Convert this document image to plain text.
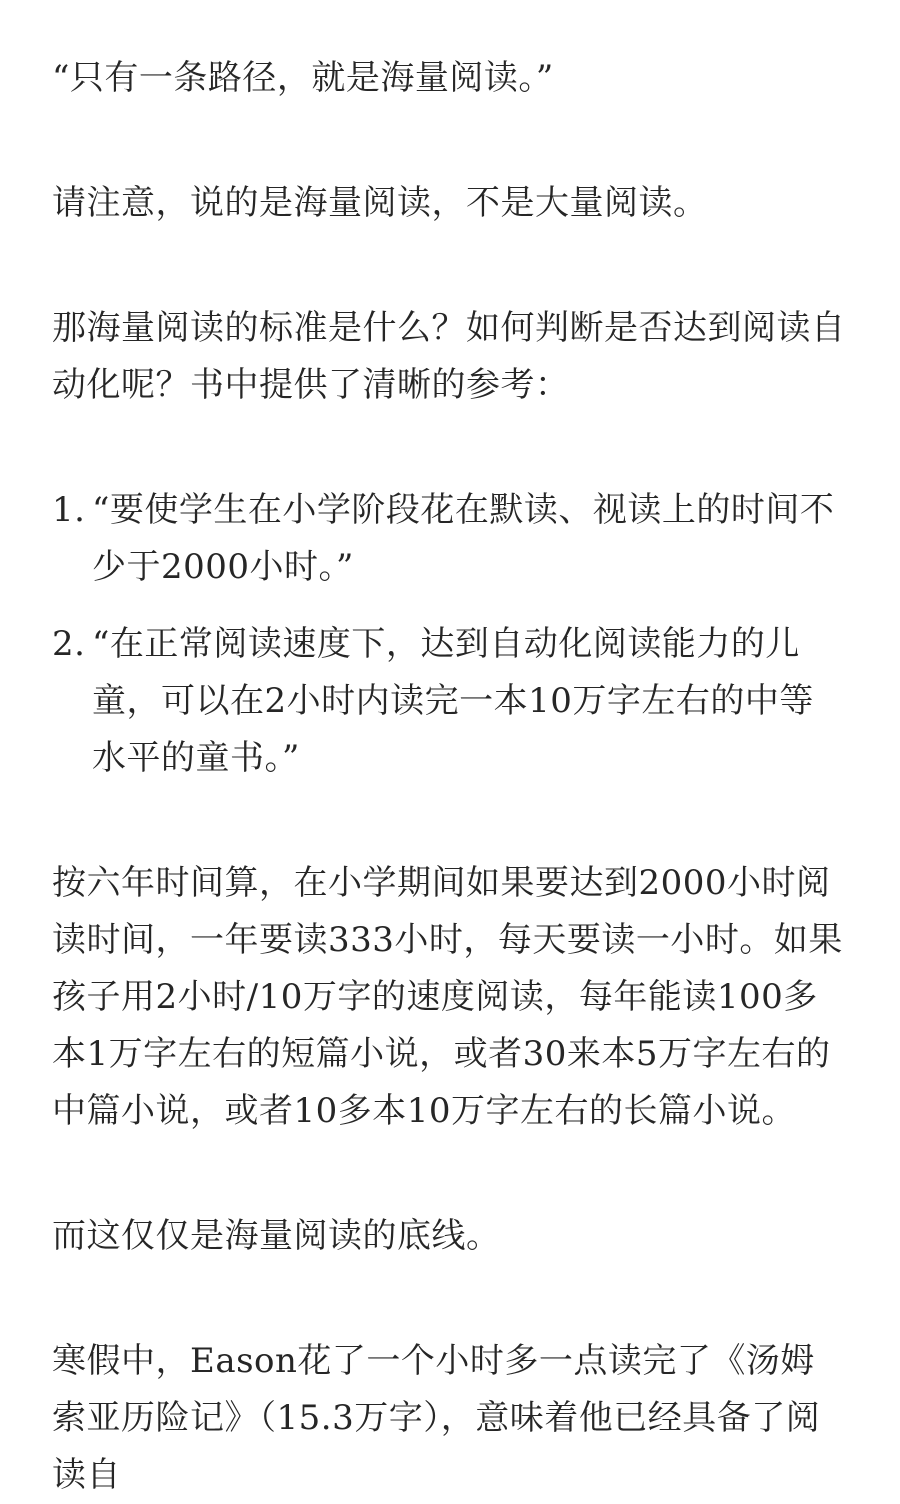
“只有一条路径，就是海量阅读。”

请注意，说的是海量阅读，不是大量阅读。

那海量阅读的标准是什么？如何判断是否达到阅读自动化呢？书中提供了清晰的参考：

1. “要使学生在小学阶段花在默读、视读上的时间不少于2000小时。”
2. “在正常阅读速度下，达到自动化阅读能力的儿童，可以在2小时内读完一本10万字左右的中等水平的童书。”

按六年时间算，在小学期间如果要达到2000小时阅读时间，一年要读333小时，每天要读一小时。如果孩子用2小时/10万字的速度阅读，每年能读100多本1万字左右的短篇小说，或者30来本5万字左右的中篇小说，或者10多本10万字左右的长篇小说。

而这仅仅是海量阅读的底线。

寒假中，Eason花了一个小时多一点读完了《汤姆索亚历险记》（15.3万字），意味着他已经具备了阅读自
